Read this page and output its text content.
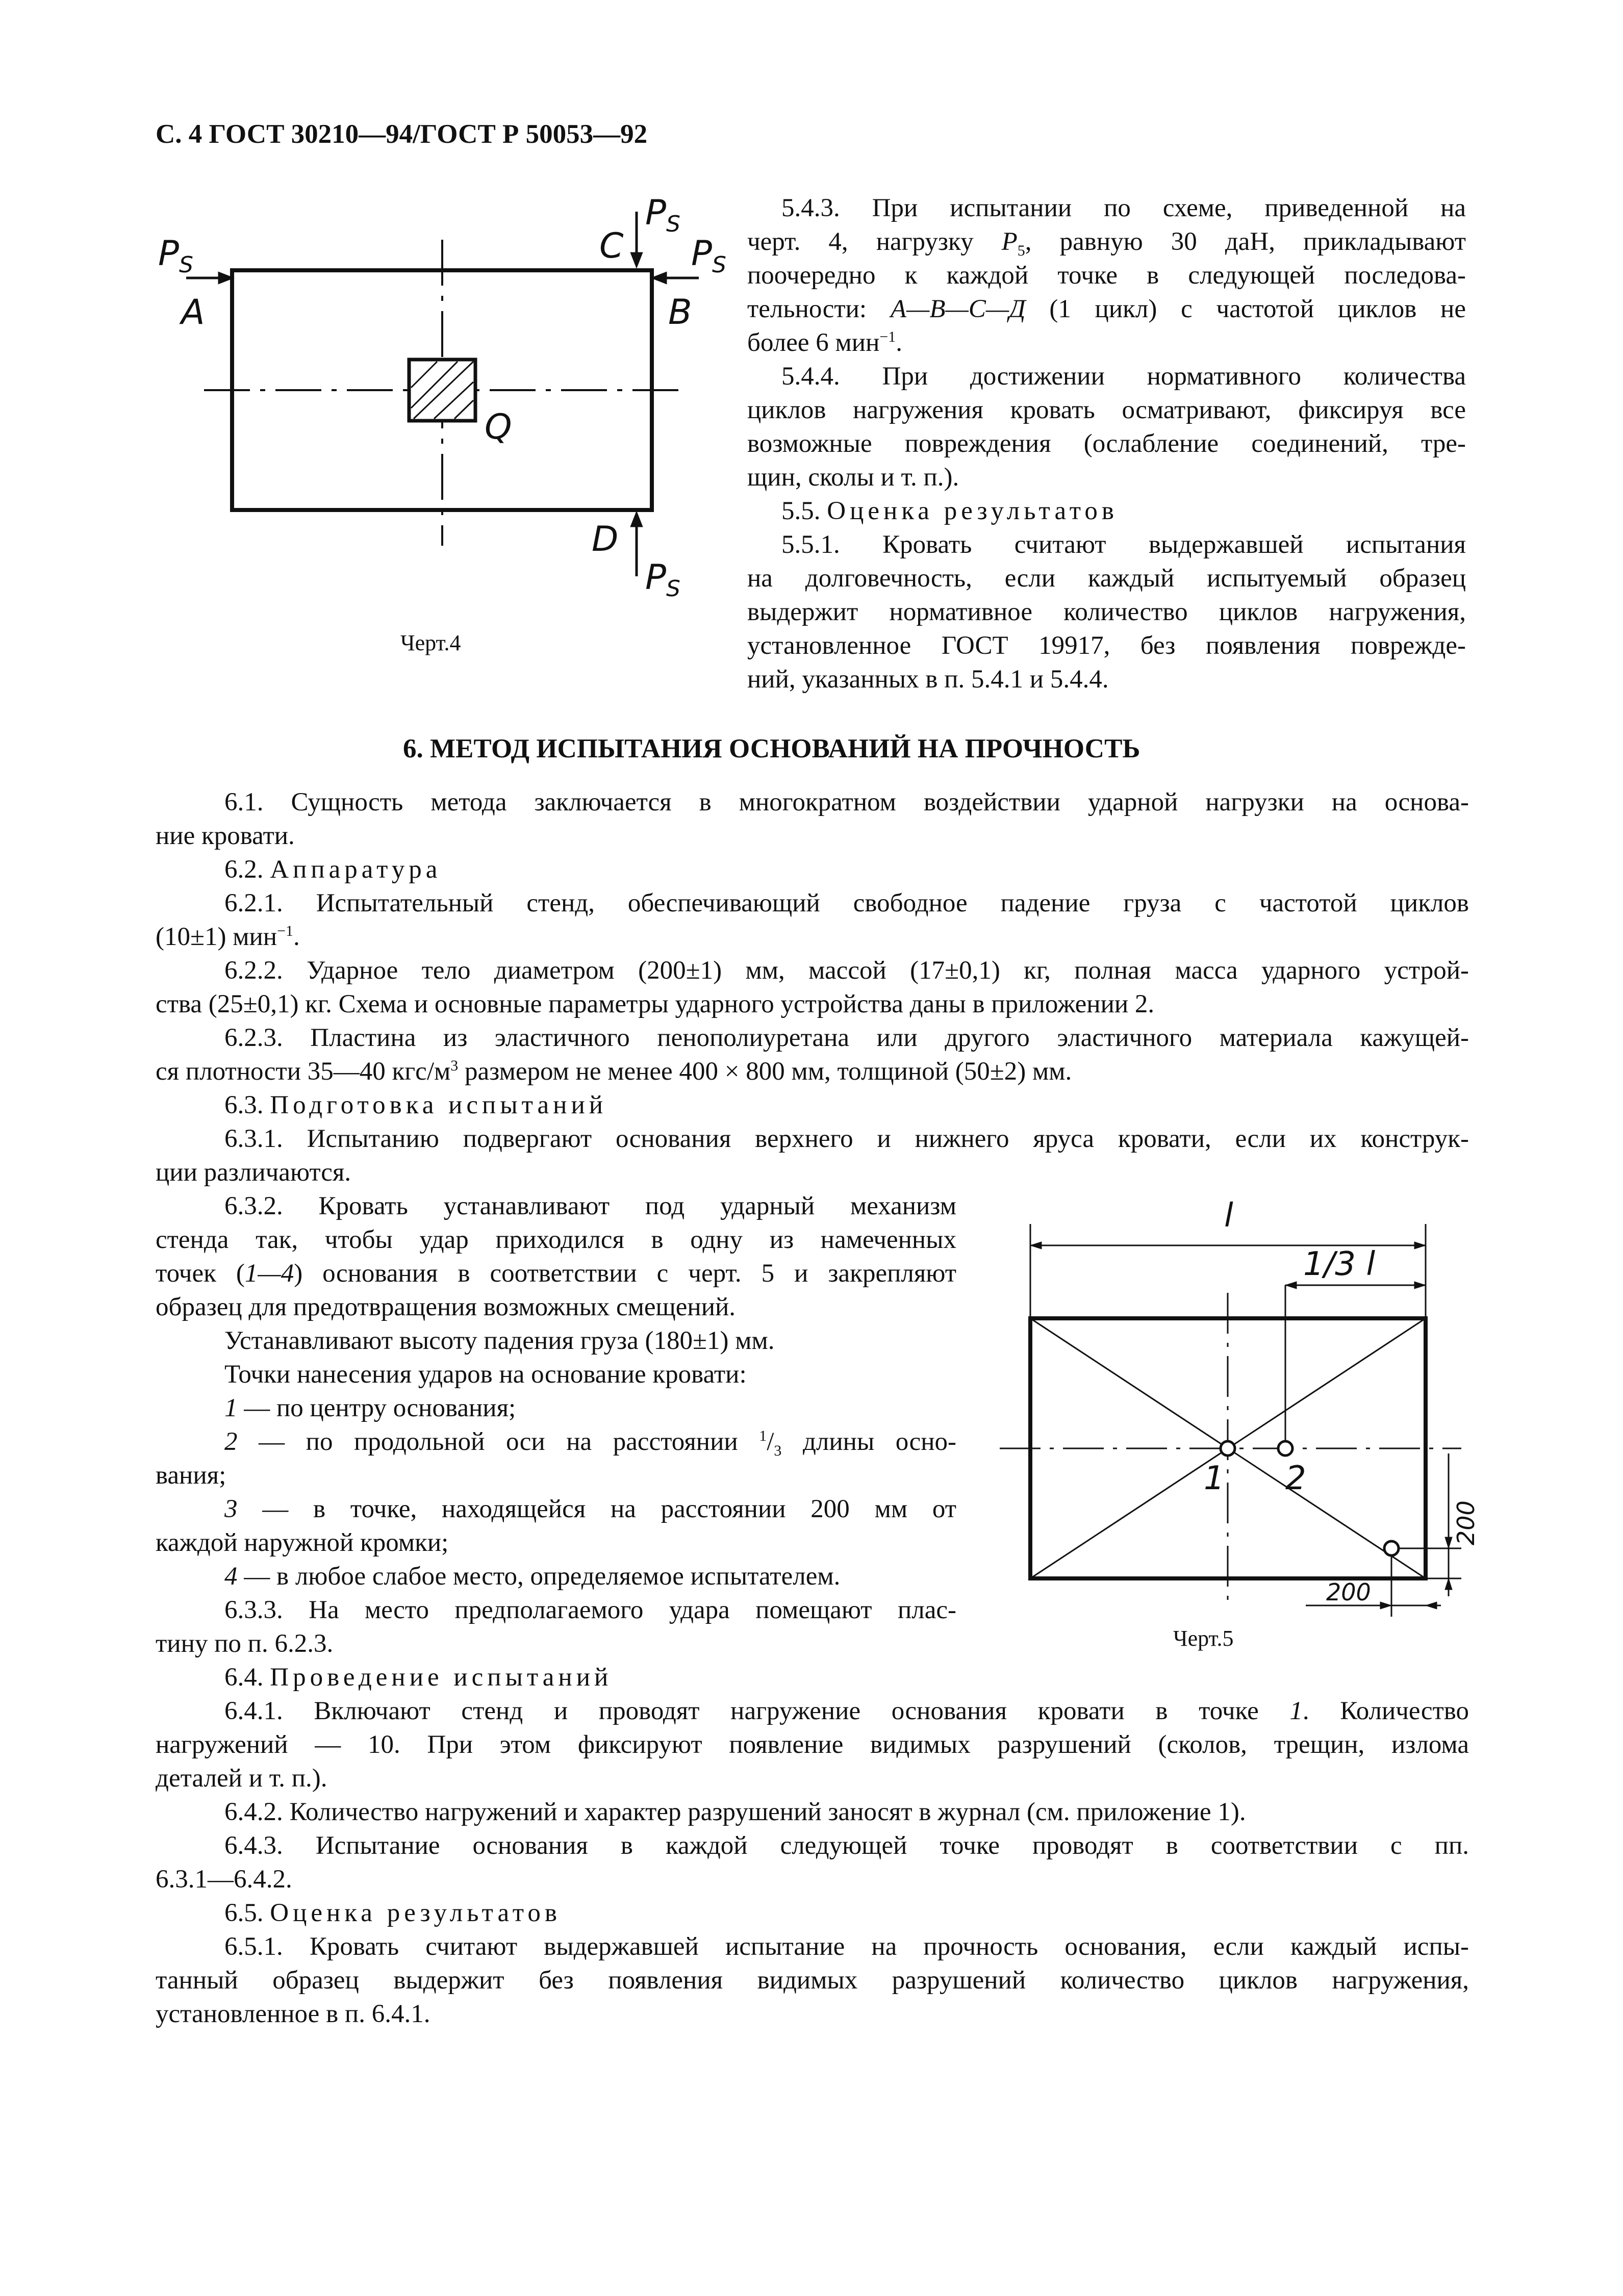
С. 4 ГОСТ 30210—94/ГОСТ Р 50053—92
$P_S$
A
C
$P_S$
$P_S$
B
Q
D
$P_S$
Черт.4
5.4.3. При испытании по схеме, приведенной на
черт. 4, нагрузку $P_5$, равную 30 даН, прикладывают
поочередно к каждой точке в следующей последова-
тельности: А—В—С—Д (1 цикл) с частотой циклов не
более 6 мин$^{-1}$.
5.4.4. При достижении нормативного количества
циклов нагружения кровать осматривают, фиксируя все
возможные повреждения (ослабление соединений, тре-
щин, сколы и т. п.).
5.5. Оценка результатов
5.5.1. Кровать считают выдержавшей испытания
на долговечность, если каждый испытуемый образец
выдержит нормативное количество циклов нагружения,
установленное ГОСТ 19917, без появления поврежде-
ний, указанных в п. 5.4.1 и 5.4.4.
6. МЕТОД ИСПЫТАНИЯ ОСНОВАНИЙ НА ПРОЧНОСТЬ
6.1. Сущность метода заключается в многократном воздействии ударной нагрузки на основа-
ние кровати.
6.2. Аппаратура
6.2.1. Испытательный стенд, обеспечивающий свободное падение груза с частотой циклов
(10±1) мин$^{-1}$.
6.2.2. Ударное тело диаметром (200±1) мм, массой (17±0,1) кг, полная масса ударного устрой-
ства (25±0,1) кг. Схема и основные параметры ударного устройства даны в приложении 2.
6.2.3. Пластина из эластичного пенополиуретана или другого эластичного материала кажущей-
ся плотности 35—40 кгс/$м^3$ размером не менее 400 × 800 мм, толщиной (50±2) мм.
6.3. Подготовка испытаний
6.3.1. Испытанию подвергают основания верхнего и нижнего яруса кровати, если их конструк-
ции различаются.
6.3.2. Кровать устанавливают под ударный механизм
стенда так, чтобы удар приходился в одну из намеченных
точек (1—4) основания в соответствии с черт. 5 и закрепляют
образец для предотвращения возможных смещений.
Устанавливают высоту падения груза (180±1) мм.
Точки нанесения ударов на основание кровати:
1 — по центру основания;
2 — по продольной оси на расстоянии $^1/_3$ длины осно-
вания;
3 — в точке, находящейся на расстоянии 200 мм от
каждой наружной кромки;
4 — в любое слабое место, определяемое испытателем.
6.3.3. На место предполагаемого удара помещают плас-
тину по п. 6.2.3.
l
1/3 l
1 2
200
200
Черт.5
6.4. Проведение испытаний
6.4.1. Включают стенд и проводят нагружение основания кровати в точке 1. Количество
нагружений — 10. При этом фиксируют появление видимых разрушений (сколов, трещин, излома
деталей и т. п.).
6.4.2. Количество нагружений и характер разрушений заносят в журнал (см. приложение 1).
6.4.3. Испытание основания в каждой следующей точке проводят в соответствии с пп.
6.3.1—6.4.2.
6.5. Оценка результатов
6.5.1. Кровать считают выдержавшей испытание на прочность основания, если каждый испы-
танный образец выдержит без появления видимых разрушений количество циклов нагружения,
установленное в п. 6.4.1.
